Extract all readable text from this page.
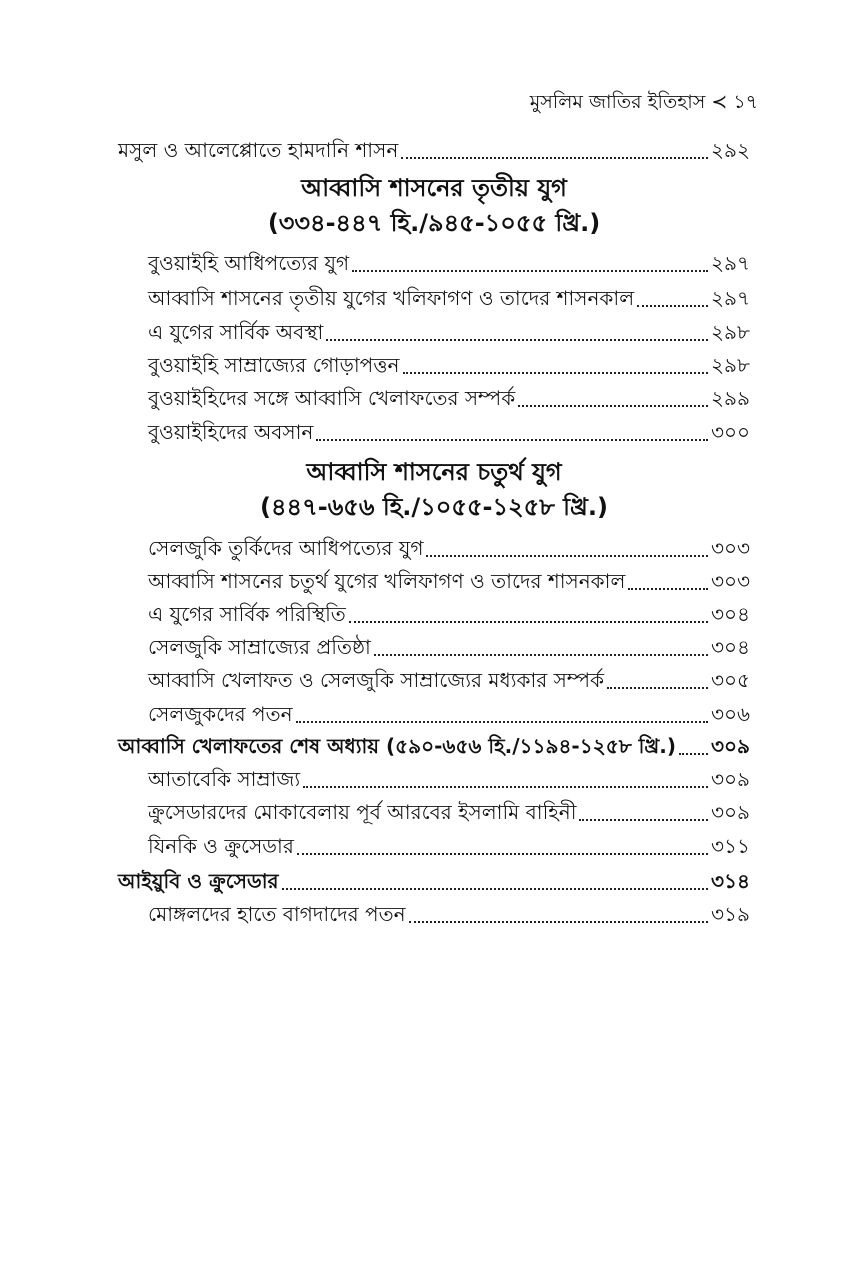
মুসলিম জাতির ইতিহাস ≺ ১৭
মসুল ও আলেপ্পোতে হামদানি শাসন	২৯২
আব্বাসি শাসনের তৃতীয় যুগ
(৩৩৪-৪৪৭ হি./৯৪৫-১০৫৫ খ্রি.)
বুওয়াইহি আধিপত্যের যুগ	২৯৭
আব্বাসি শাসনের তৃতীয় যুগের খলিফাগণ ও তাদের শাসনকাল	২৯৭
এ যুগের সার্বিক অবস্থা	২৯৮
বুওয়াইহি সাম্রাজ্যের গোড়াপত্তন	২৯৮
বুওয়াইহিদের সঙ্গে আব্বাসি খেলাফতের সম্পর্ক	২৯৯
বুওয়াইহিদের অবসান	৩০০
আব্বাসি শাসনের চতুর্থ যুগ
(৪৪৭-৬৫৬ হি./১০৫৫-১২৫৮ খ্রি.)
সেলজুকি তুর্কিদের আধিপত্যের যুগ	৩০৩
আব্বাসি শাসনের চতুর্থ যুগের খলিফাগণ ও তাদের শাসনকাল	৩০৩
এ যুগের সার্বিক পরিস্থিতি	৩০৪
সেলজুকি সাম্রাজ্যের প্রতিষ্ঠা	৩০৪
আব্বাসি খেলাফত ও সেলজুকি সাম্রাজ্যের মধ্যকার সম্পর্ক	৩০৫
সেলজুকদের পতন	৩০৬
আব্বাসি খেলাফতের শেষ অধ্যায় (৫৯০-৬৫৬ হি./১১৯৪-১২৫৮ খ্রি.) ৩০৯
আতাবেকি সাম্রাজ্য	৩০৯
ক্রুসেডারদের মোকাবেলায় পূর্ব আরবের ইসলামি বাহিনী	৩০৯
যিনকি ও ক্রুসেডার	৩১১
আইয়ুবি ও ক্রুসেডার	৩১৪
মোঙ্গলদের হাতে বাগদাদের পতন	৩১৯
